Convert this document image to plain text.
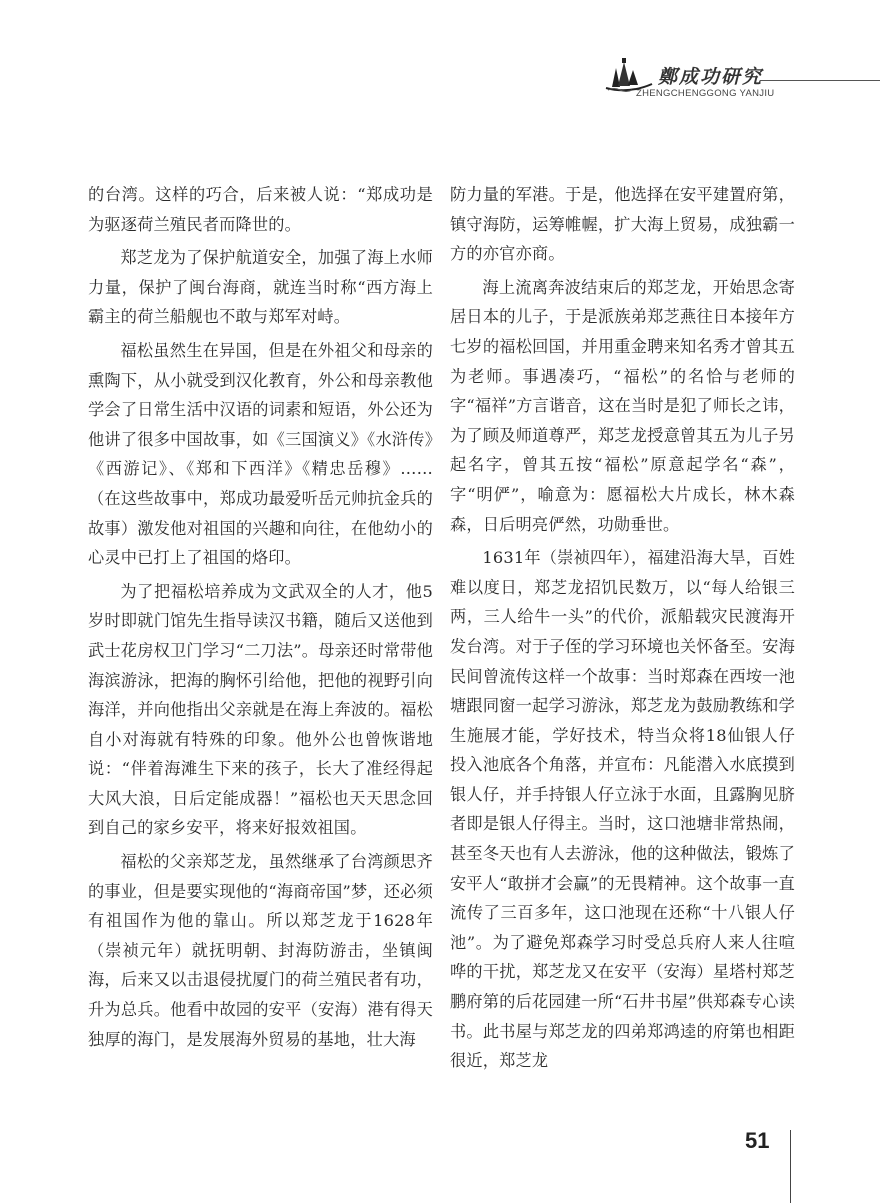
鄭成功研究
ZHENGCHENGGONG YANJIU

的台湾。这样的巧合，后来被人说：“郑成功是为驱逐荷兰殖民者而降世的。

郑芝龙为了保护航道安全，加强了海上水师力量，保护了闽台海商，就连当时称“西方海上霸主的荷兰船舰也不敢与郑军对峙。

福松虽然生在异国，但是在外祖父和母亲的熏陶下，从小就受到汉化教育，外公和母亲教他学会了日常生活中汉语的词素和短语，外公还为他讲了很多中国故事，如《三国演义》《水浒传》《西游记》、《郑和下西洋》《精忠岳穆》……（在这些故事中，郑成功最爱听岳元帅抗金兵的故事）激发他对祖国的兴趣和向往，在他幼小的心灵中已打上了祖国的烙印。

为了把福松培养成为文武双全的人才，他5岁时即就门馆先生指导读汉书籍，随后又送他到武士花房权卫门学习“二刀法”。母亲还时常带他海滨游泳，把海的胸怀引给他，把他的视野引向海洋，并向他指出父亲就是在海上奔波的。福松自小对海就有特殊的印象。他外公也曾恢谐地说：“伴着海滩生下来的孩子，长大了准经得起大风大浪，日后定能成器！”福松也天天思念回到自己的家乡安平，将来好报效祖国。

福松的父亲郑芝龙，虽然继承了台湾颜思齐的事业，但是要实现他的“海商帝国”梦，还必须有祖国作为他的靠山。所以郑芝龙于1628年（崇祯元年）就抚明朝、封海防游击，坐镇闽海，后来又以击退侵扰厦门的荷兰殖民者有功，升为总兵。他看中故园的安平（安海）港有得天独厚的海门，是发展海外贸易的基地，壮大海

防力量的军港。于是，他选择在安平建置府第，镇守海防，运筹帷幄，扩大海上贸易，成独霸一方的亦官亦商。

海上流离奔波结束后的郑芝龙，开始思念寄居日本的儿子，于是派族弟郑芝燕往日本接年方七岁的福松回国，并用重金聘来知名秀才曾其五为老师。事遇凑巧，“福松”的名恰与老师的字“福祥”方言谐音，这在当时是犯了师长之讳，为了顾及师道尊严，郑芝龙授意曾其五为儿子另起名字，曾其五按“福松”原意起学名“森”，字“明俨”，喻意为：愿福松大片成长，林木森森，日后明亮俨然，功勋垂世。

1631年（崇祯四年），福建沿海大旱，百姓难以度日，郑芝龙招饥民数万，以“每人给银三两，三人给牛一头”的代价，派船载灾民渡海开发台湾。对于子侄的学习环境也关怀备至。安海民间曾流传这样一个故事：当时郑森在西垵一池塘跟同窗一起学习游泳，郑芝龙为鼓励教练和学生施展才能，学好技术，特当众将18仙银人仔投入池底各个角落，并宣布：凡能潜入水底摸到银人仔，并手持银人仔立泳于水面，且露胸见脐者即是银人仔得主。当时，这口池塘非常热闹，甚至冬天也有人去游泳，他的这种做法，锻炼了安平人“敢拼才会赢”的无畏精神。这个故事一直流传了三百多年，这口池现在还称“十八银人仔池”。为了避免郑森学习时受总兵府人来人往喧哗的干扰，郑芝龙又在安平（安海）星塔村郑芝鹏府第的后花园建一所“石井书屋”供郑森专心读书。此书屋与郑芝龙的四弟郑鸿逵的府第也相距很近，郑芝龙

51
